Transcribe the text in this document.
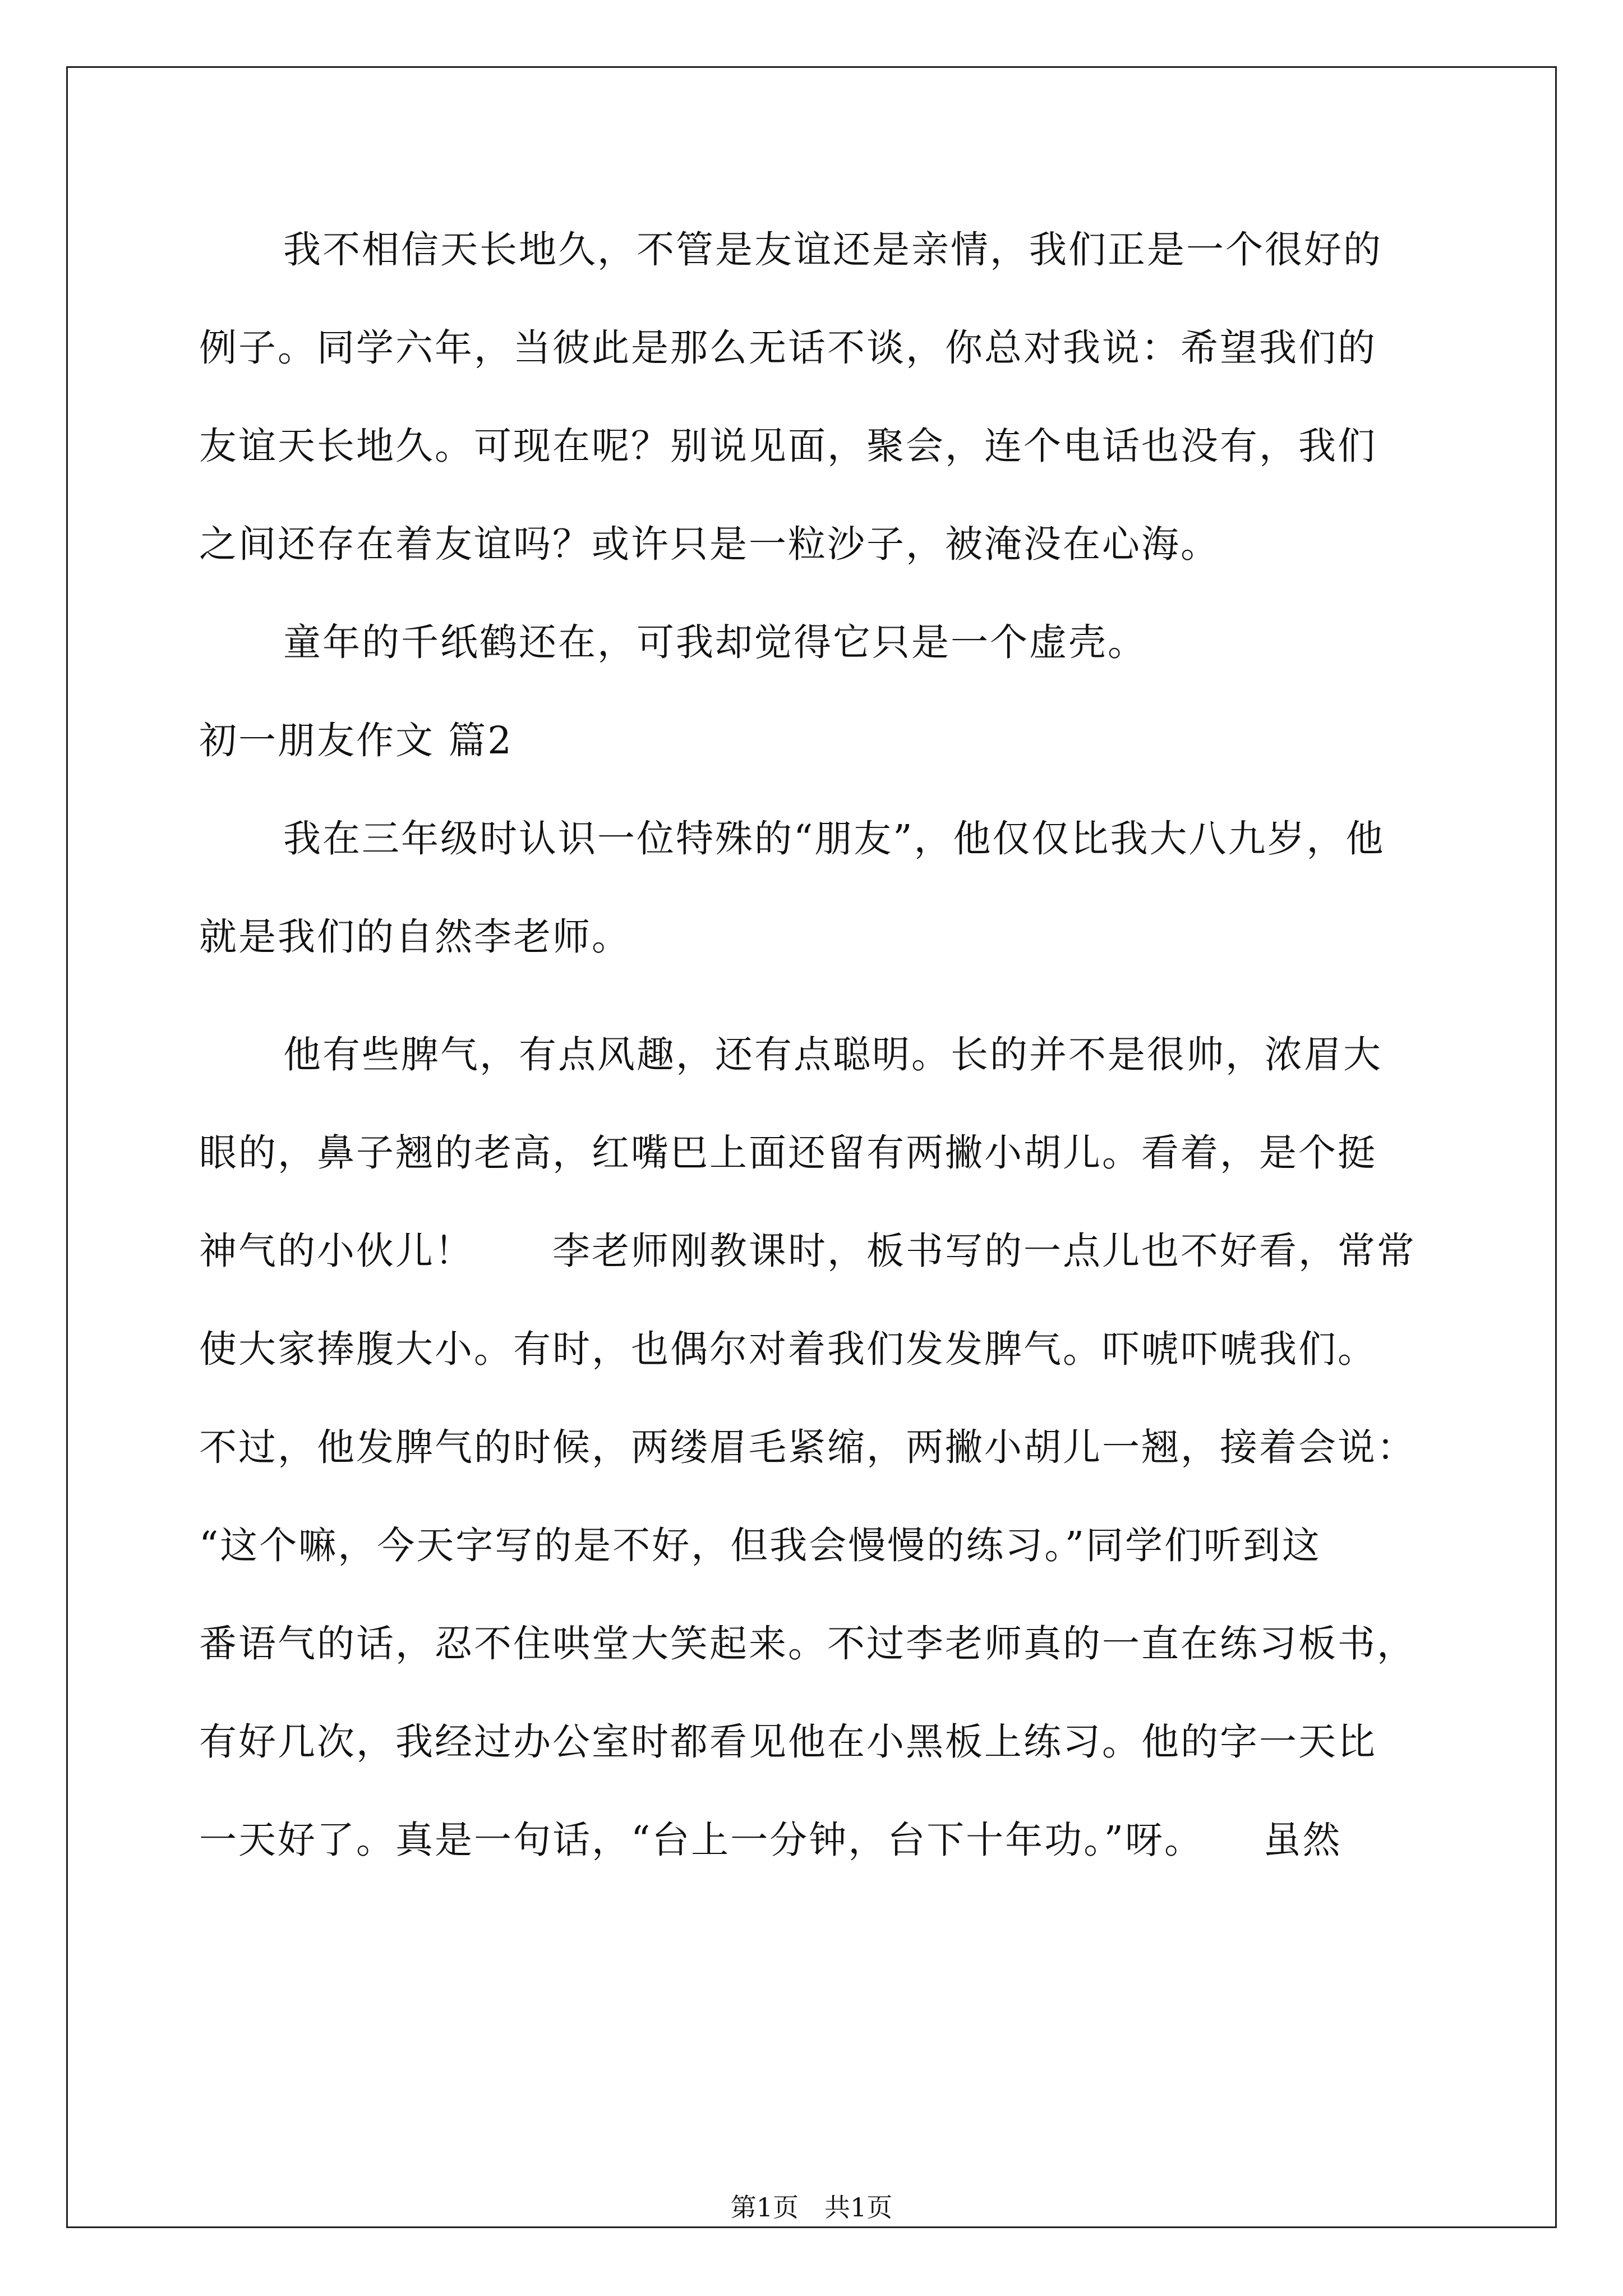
我不相信天长地久，不管是友谊还是亲情，我们正是一个很好的
例子。同学六年，当彼此是那么无话不谈，你总对我说：希望我们的
友谊天长地久。可现在呢？别说见面，聚会，连个电话也没有，我们
之间还存在着友谊吗？或许只是一粒沙子，被淹没在心海。
童年的千纸鹤还在，可我却觉得它只是一个虚壳。
初一朋友作文 篇2
我在三年级时认识一位特殊的“朋友”，他仅仅比我大八九岁，他
就是我们的自然李老师。
他有些脾气，有点风趣，还有点聪明。长的并不是很帅，浓眉大
眼的，鼻子翘的老高，红嘴巴上面还留有两撇小胡儿。看着，是个挺
神气的小伙儿！　　李老师刚教课时，板书写的一点儿也不好看，常常
使大家捧腹大小。有时，也偶尔对着我们发发脾气。吓唬吓唬我们。
不过，他发脾气的时候，两缕眉毛紧缩，两撇小胡儿一翘，接着会说：
“这个嘛，今天字写的是不好，但我会慢慢的练习。”同学们听到这
番语气的话，忍不住哄堂大笑起来。不过李老师真的一直在练习板书，
有好几次，我经过办公室时都看见他在小黑板上练习。他的字一天比
一天好了。真是一句话，“台上一分钟，台下十年功。”呀。　　虽然
第1页　共1页
